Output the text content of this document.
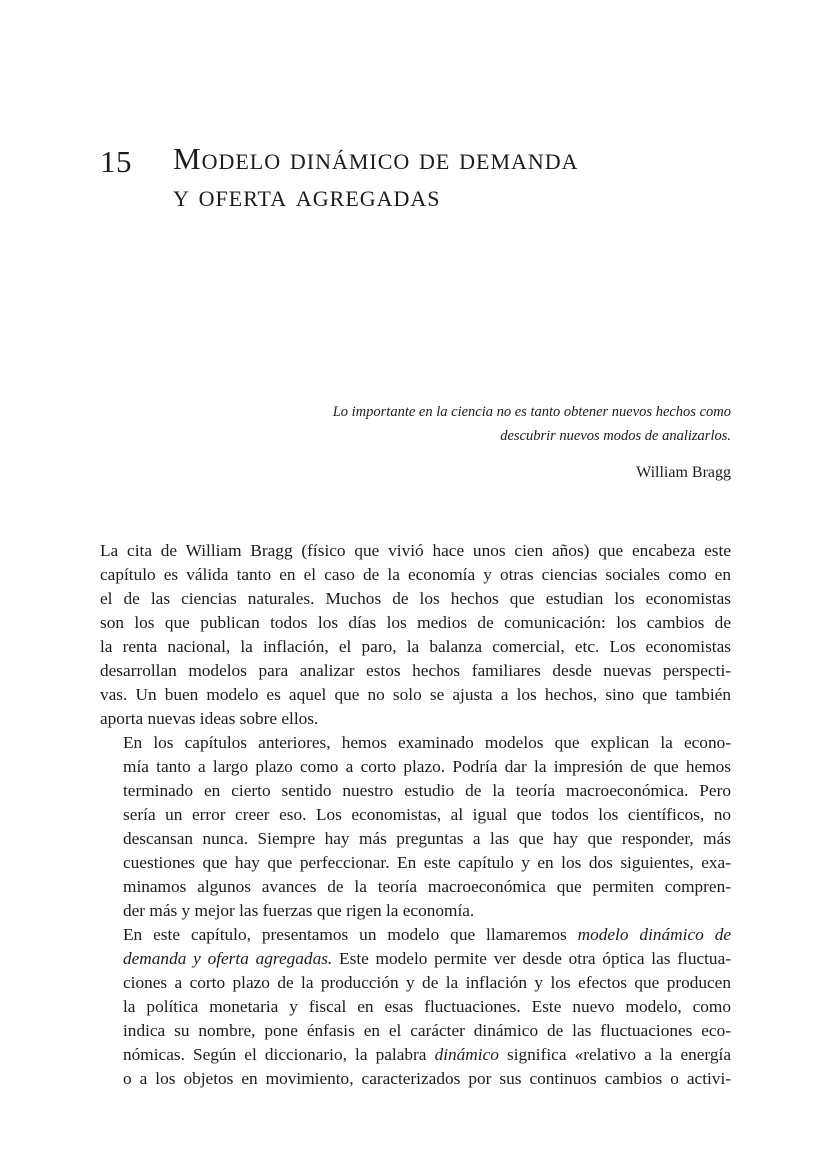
15 Modelo dinámico de demanda
y oferta agregadas
Lo importante en la ciencia no es tanto obtener nuevos hechos como
descubrir nuevos modos de analizarlos.
William Bragg

La cita de William Bragg (físico que vivió hace unos cien años) que encabeza este
capítulo es válida tanto en el caso de la economía y otras ciencias sociales como en
el de las ciencias naturales. Muchos de los hechos que estudian los economistas
son los que publican todos los días los medios de comunicación: los cambios de
la renta nacional, la inflación, el paro, la balanza comercial, etc. Los economistas
desarrollan modelos para analizar estos hechos familiares desde nuevas perspecti-
vas. Un buen modelo es aquel que no solo se ajusta a los hechos, sino que también
aporta nuevas ideas sobre ellos.

En los capítulos anteriores, hemos examinado modelos que explican la econo-
mía tanto a largo plazo como a corto plazo. Podría dar la impresión de que hemos
terminado en cierto sentido nuestro estudio de la teoría macroeconómica. Pero
sería un error creer eso. Los economistas, al igual que todos los científicos, no
descansan nunca. Siempre hay más preguntas a las que hay que responder, más
cuestiones que hay que perfeccionar. En este capítulo y en los dos siguientes, exa-
minamos algunos avances de la teoría macroeconómica que permiten compren-
der más y mejor las fuerzas que rigen la economía.

En este capítulo, presentamos un modelo que llamaremos modelo dinámico de
demanda y oferta agregadas. Este modelo permite ver desde otra óptica las fluctua-
ciones a corto plazo de la producción y de la inflación y los efectos que producen
la política monetaria y fiscal en esas fluctuaciones. Este nuevo modelo, como
indica su nombre, pone énfasis en el carácter dinámico de las fluctuaciones eco-
nómicas. Según el diccionario, la palabra dinámico significa «relativo a la energía
o a los objetos en movimiento, caracterizados por sus continuos cambios o activi-
